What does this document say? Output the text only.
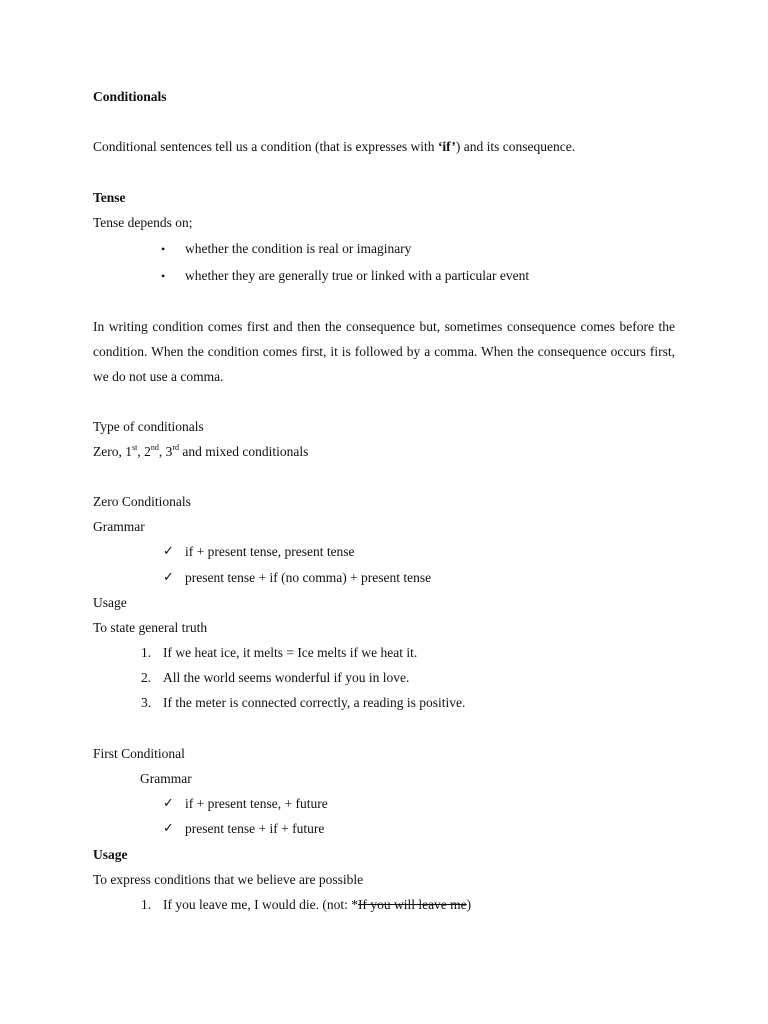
Conditionals
Conditional sentences tell us a condition (that is expresses with ‘if’) and its consequence.
Tense
Tense depends on;
• whether the condition is real or imaginary
• whether they are generally true or linked with a particular event
In writing condition comes first and then the consequence but, sometimes consequence comes before the condition. When the condition comes first, it is followed by a comma. When the consequence occurs first, we do not use a comma.
Type of conditionals
Zero, 1st, 2nd, 3rd and mixed conditionals
Zero Conditionals
Grammar
✓ if + present tense, present tense
✓ present tense + if (no comma) + present tense
Usage
To state general truth
1. If we heat ice, it melts = Ice melts if we heat it.
2. All the world seems wonderful if you in love.
3. If the meter is connected correctly, a reading is positive.
First Conditional
Grammar
✓ if + present tense, + future
✓ present tense + if + future
Usage
To express conditions that we believe are possible
1. If you leave me, I would die. (not: *If you will leave me)
